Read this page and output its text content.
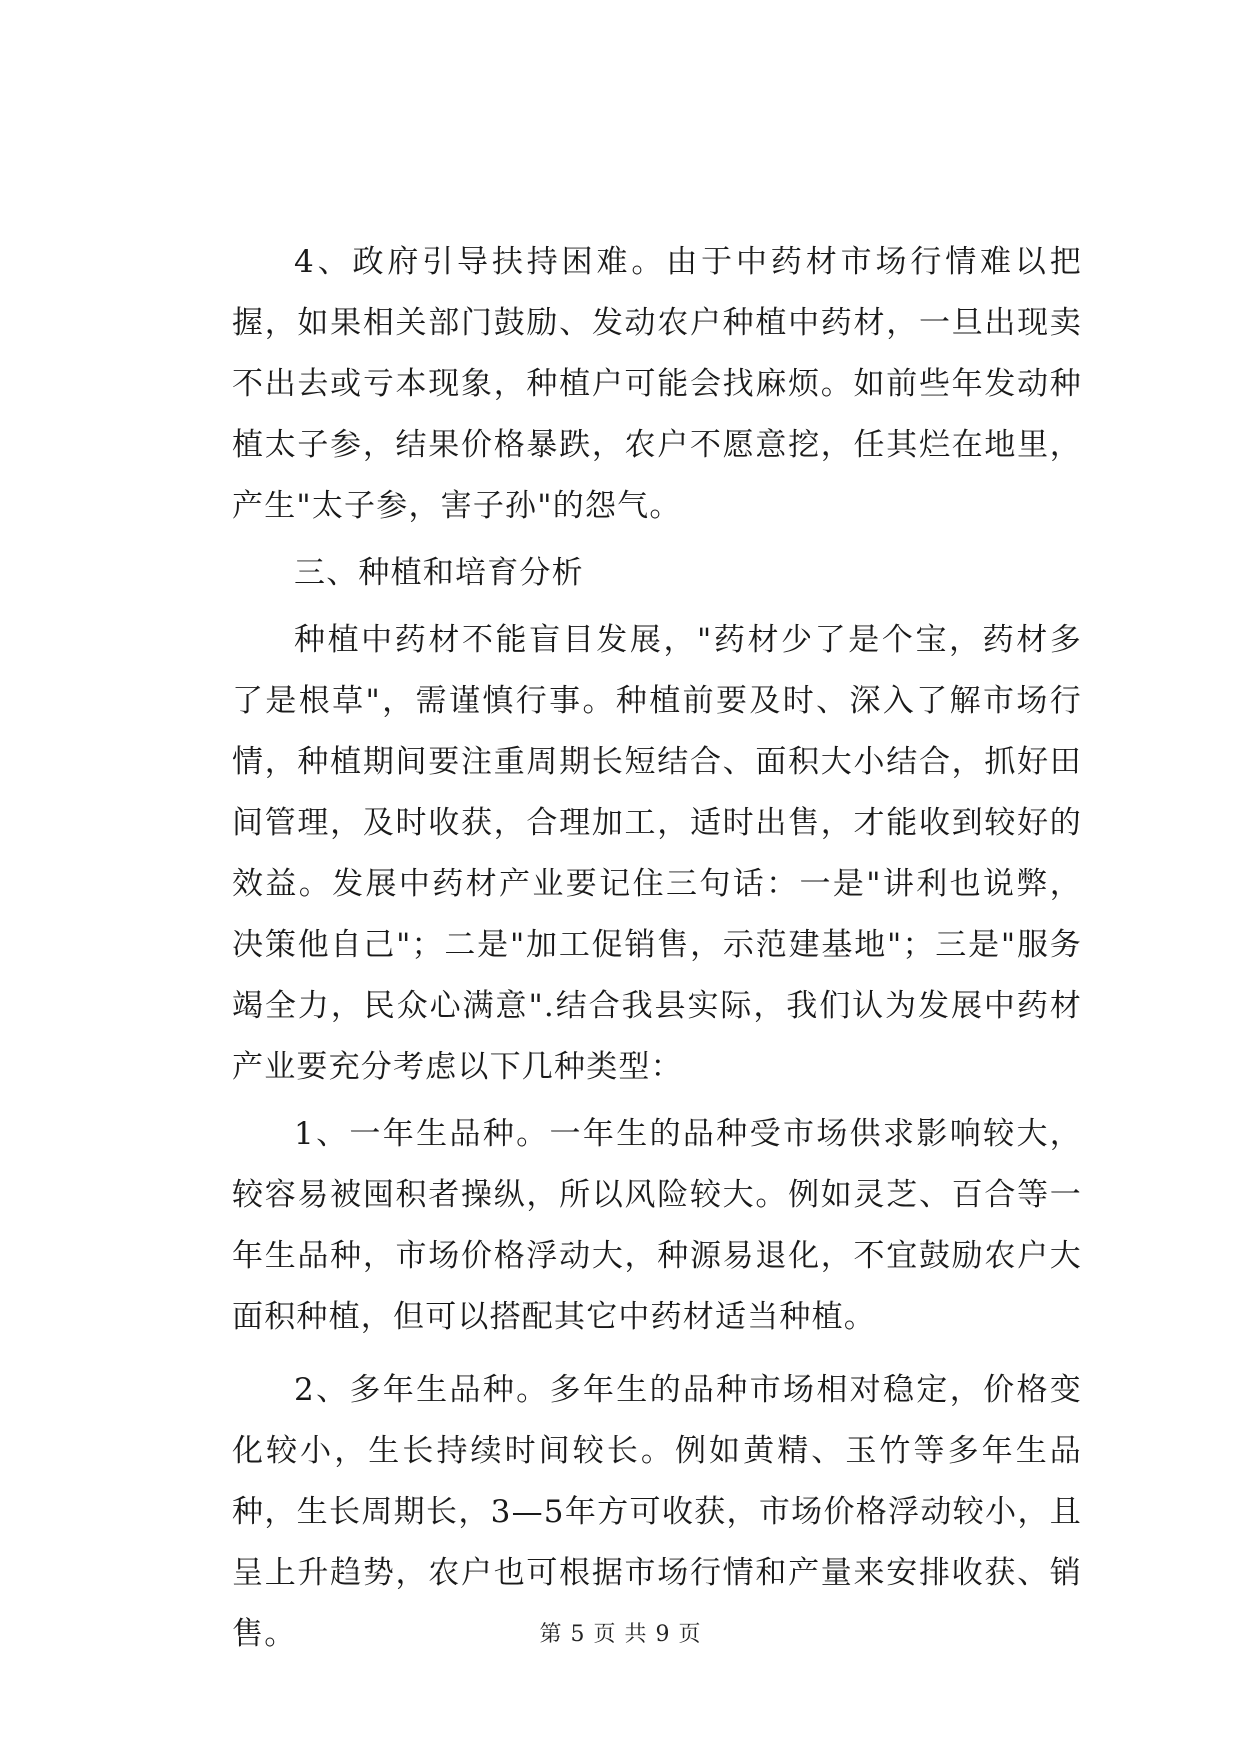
4、政府引导扶持困难。由于中药材市场行情难以把握，如果相关部门鼓励、发动农户种植中药材，一旦出现卖不出去或亏本现象，种植户可能会找麻烦。如前些年发动种植太子参，结果价格暴跌，农户不愿意挖，任其烂在地里，产生"太子参，害子孙"的怨气。

三、种植和培育分析

种植中药材不能盲目发展，"药材少了是个宝，药材多了是根草"，需谨慎行事。种植前要及时、深入了解市场行情，种植期间要注重周期长短结合、面积大小结合，抓好田间管理，及时收获，合理加工，适时出售，才能收到较好的效益。发展中药材产业要记住三句话：一是"讲利也说弊，决策他自己"；二是"加工促销售，示范建基地"；三是"服务竭全力，民众心满意".结合我县实际，我们认为发展中药材产业要充分考虑以下几种类型：

1、一年生品种。一年生的品种受市场供求影响较大，较容易被囤积者操纵，所以风险较大。例如灵芝、百合等一年生品种，市场价格浮动大，种源易退化，不宜鼓励农户大面积种植，但可以搭配其它中药材适当种植。

2、多年生品种。多年生的品种市场相对稳定，价格变化较小，生长持续时间较长。例如黄精、玉竹等多年生品种，生长周期长，3—5年方可收获，市场价格浮动较小，且呈上升趋势，农户也可根据市场行情和产量来安排收获、销售。	第 5 页 共 9 页
